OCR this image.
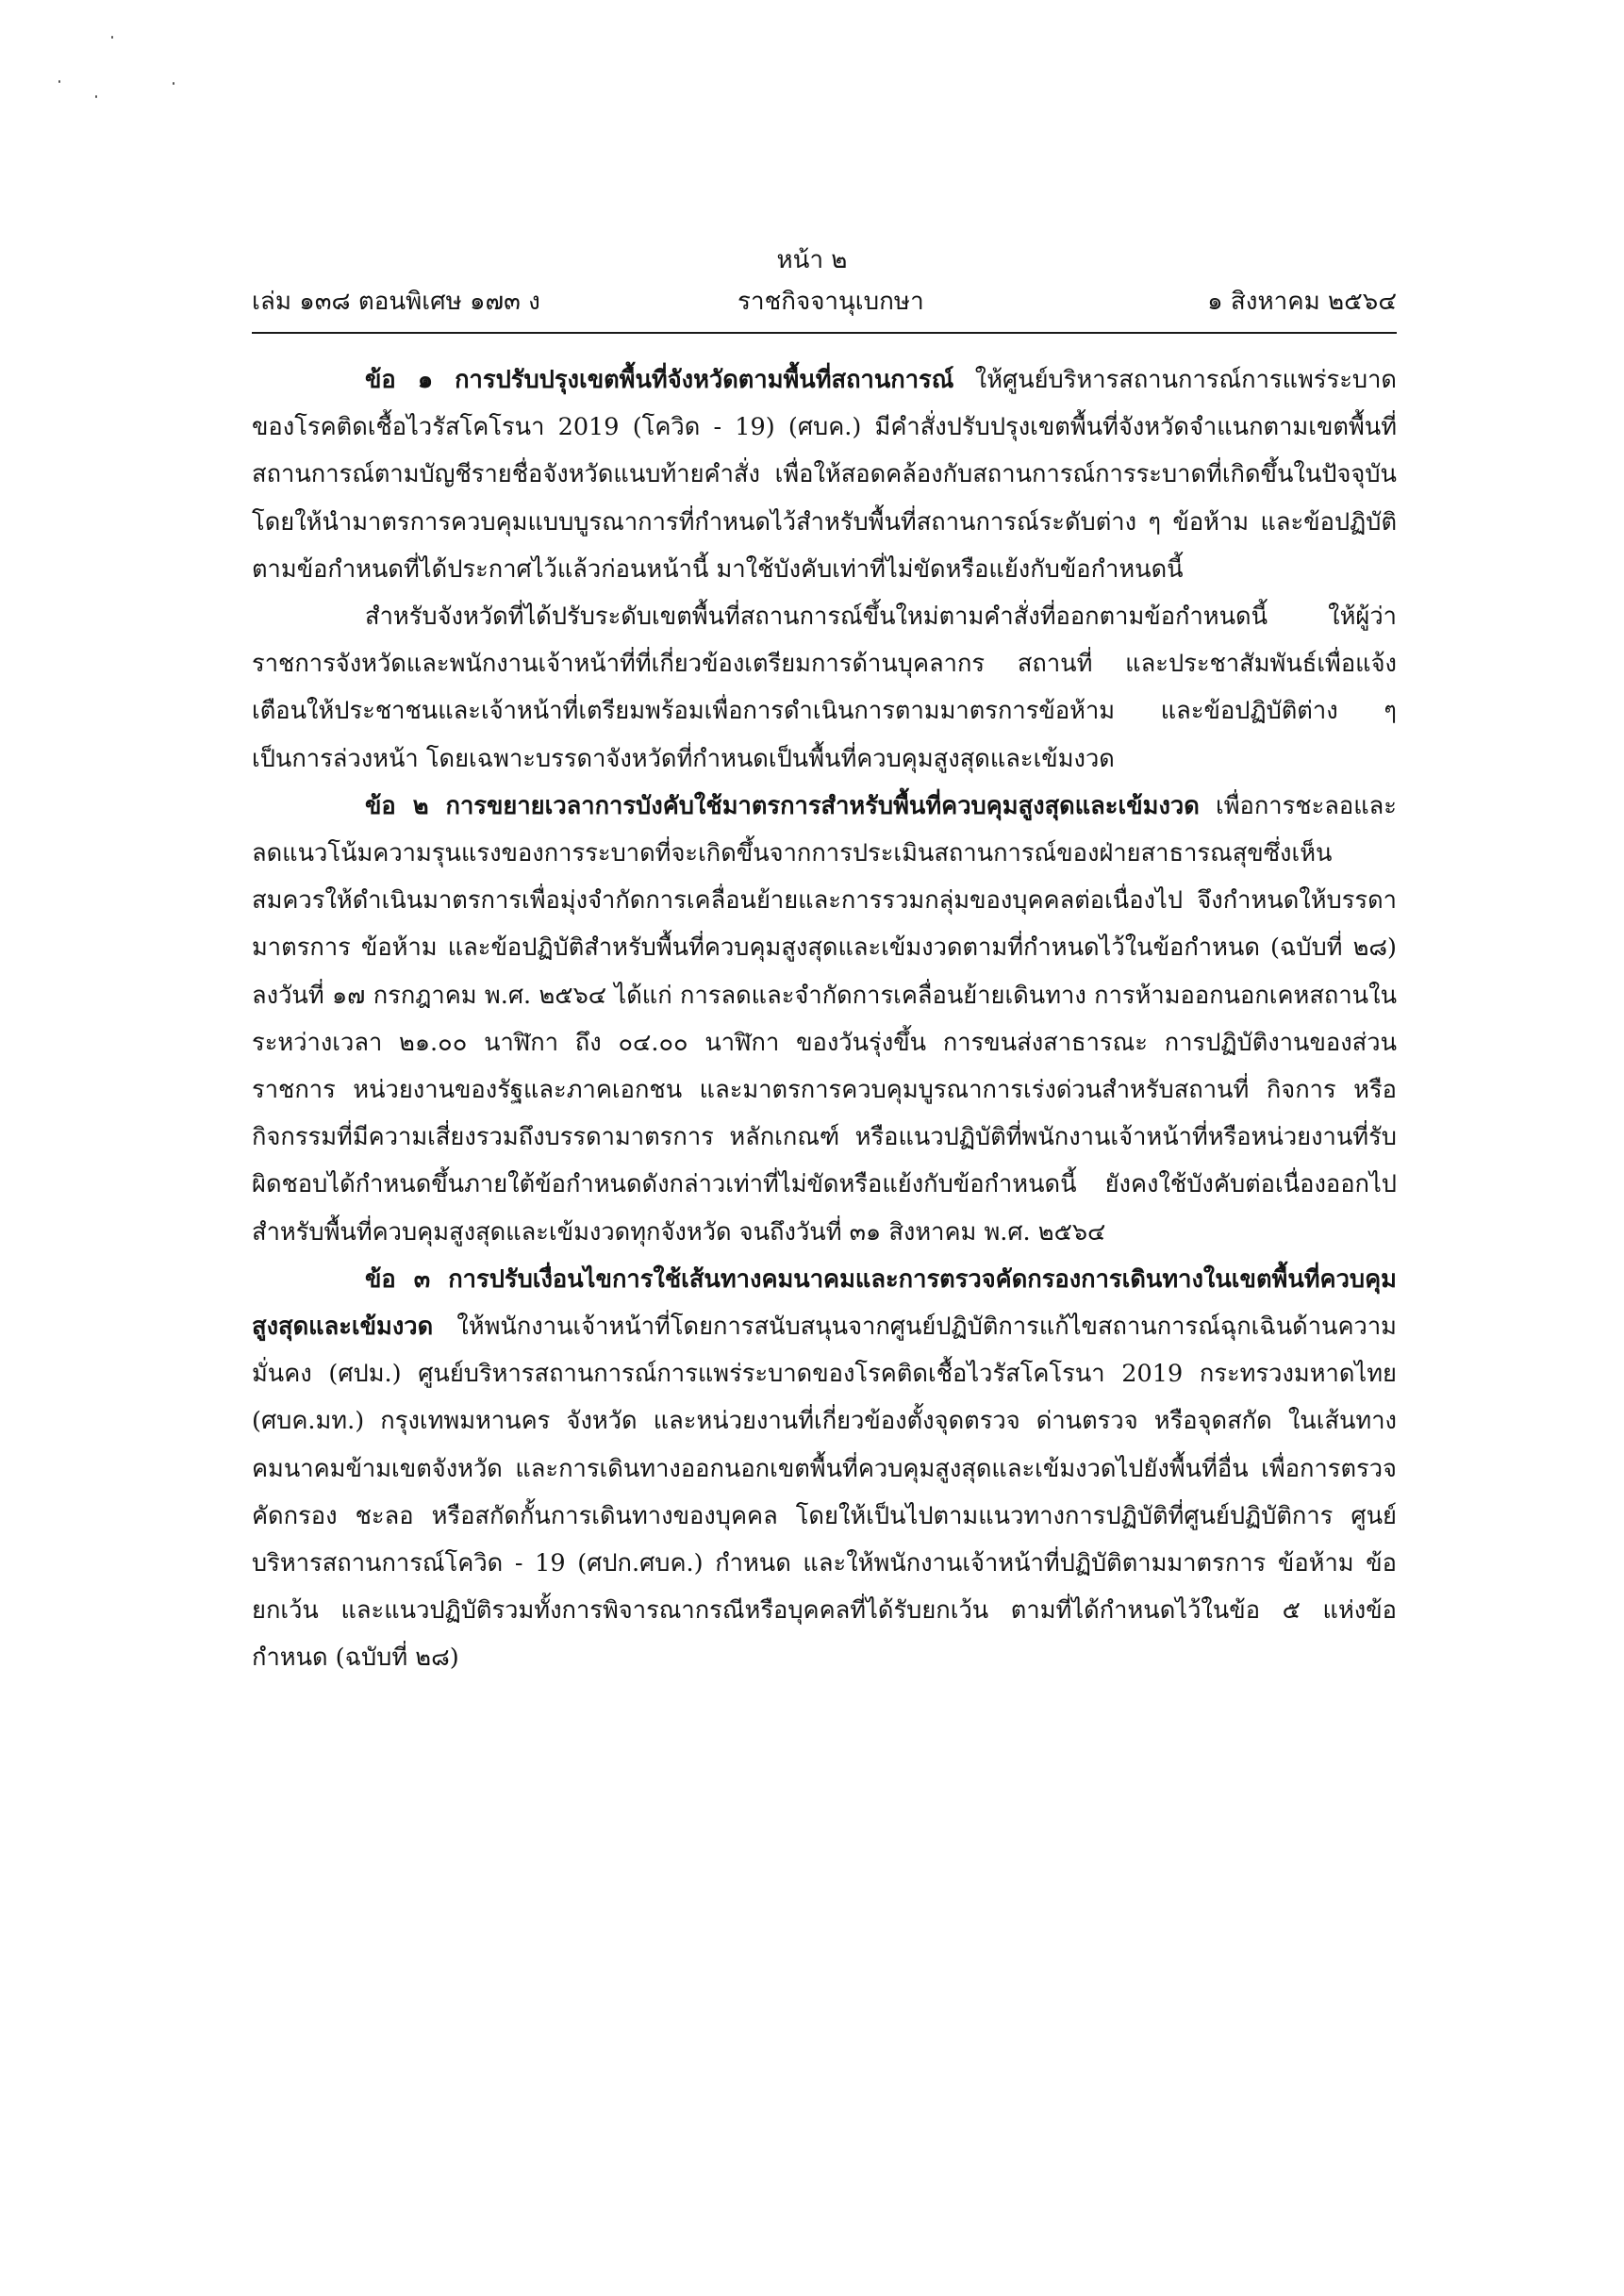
หน้า ๒
เล่ม ๑๓๘ ตอนพิเศษ ๑๗๓ ง	ราชกิจจานุเบกษา	๑ สิงหาคม ๒๕๖๔

ข้อ ๑ การปรับปรุงเขตพื้นที่จังหวัดตามพื้นที่สถานการณ์ ให้ศูนย์บริหารสถานการณ์การแพร่ระบาดของโรคติดเชื้อไวรัสโคโรนา 2019 (โควิด - 19) (ศบค.) มีคำสั่งปรับปรุงเขตพื้นที่จังหวัดจำแนกตามเขตพื้นที่สถานการณ์ตามบัญชีรายชื่อจังหวัดแนบท้ายคำสั่ง เพื่อให้สอดคล้องกับสถานการณ์การระบาดที่เกิดขึ้นในปัจจุบัน โดยให้นำมาตรการควบคุมแบบบูรณาการที่กำหนดไว้สำหรับพื้นที่สถานการณ์ระดับต่าง ๆ ข้อห้าม และข้อปฏิบัติตามข้อกำหนดที่ได้ประกาศไว้แล้วก่อนหน้านี้ มาใช้บังคับเท่าที่ไม่ขัดหรือแย้งกับข้อกำหนดนี้

สำหรับจังหวัดที่ได้ปรับระดับเขตพื้นที่สถานการณ์ขึ้นใหม่ตามคำสั่งที่ออกตามข้อกำหนดนี้ ให้ผู้ว่าราชการจังหวัดและพนักงานเจ้าหน้าที่ที่เกี่ยวข้องเตรียมการด้านบุคลากร สถานที่ และประชาสัมพันธ์เพื่อแจ้งเตือนให้ประชาชนและเจ้าหน้าที่เตรียมพร้อมเพื่อการดำเนินการตามมาตรการข้อห้าม และข้อปฏิบัติต่าง ๆ เป็นการล่วงหน้า โดยเฉพาะบรรดาจังหวัดที่กำหนดเป็นพื้นที่ควบคุมสูงสุดและเข้มงวด

ข้อ ๒ การขยายเวลาการบังคับใช้มาตรการสำหรับพื้นที่ควบคุมสูงสุดและเข้มงวด เพื่อการชะลอและลดแนวโน้มความรุนแรงของการระบาดที่จะเกิดขึ้นจากการประเมินสถานการณ์ของฝ่ายสาธารณสุขซึ่งเห็นสมควรให้ดำเนินมาตรการเพื่อมุ่งจำกัดการเคลื่อนย้ายและการรวมกลุ่มของบุคคลต่อเนื่องไป จึงกำหนดให้บรรดามาตรการ ข้อห้าม และข้อปฏิบัติสำหรับพื้นที่ควบคุมสูงสุดและเข้มงวดตามที่กำหนดไว้ในข้อกำหนด (ฉบับที่ ๒๘) ลงวันที่ ๑๗ กรกฎาคม พ.ศ. ๒๕๖๔ ได้แก่ การลดและจำกัดการเคลื่อนย้ายเดินทาง การห้ามออกนอกเคหสถานในระหว่างเวลา ๒๑.๐๐ นาฬิกา ถึง ๐๔.๐๐ นาฬิกา ของวันรุ่งขึ้น การขนส่งสาธารณะ การปฏิบัติงานของส่วนราชการ หน่วยงานของรัฐและภาคเอกชน และมาตรการควบคุมบูรณาการเร่งด่วนสำหรับสถานที่ กิจการ หรือกิจกรรมที่มีความเสี่ยงรวมถึงบรรดามาตรการ หลักเกณฑ์ หรือแนวปฏิบัติที่พนักงานเจ้าหน้าที่หรือหน่วยงานที่รับผิดชอบได้กำหนดขึ้นภายใต้ข้อกำหนดดังกล่าวเท่าที่ไม่ขัดหรือแย้งกับข้อกำหนดนี้ ยังคงใช้บังคับต่อเนื่องออกไปสำหรับพื้นที่ควบคุมสูงสุดและเข้มงวดทุกจังหวัด จนถึงวันที่ ๓๑ สิงหาคม พ.ศ. ๒๕๖๔

ข้อ ๓ การปรับเงื่อนไขการใช้เส้นทางคมนาคมและการตรวจคัดกรองการเดินทางในเขตพื้นที่ควบคุมสูงสุดและเข้มงวด ให้พนักงานเจ้าหน้าที่โดยการสนับสนุนจากศูนย์ปฏิบัติการแก้ไขสถานการณ์ฉุกเฉินด้านความมั่นคง (ศปม.) ศูนย์บริหารสถานการณ์การแพร่ระบาดของโรคติดเชื้อไวรัสโคโรนา 2019 กระทรวงมหาดไทย (ศบค.มท.) กรุงเทพมหานคร จังหวัด และหน่วยงานที่เกี่ยวข้องตั้งจุดตรวจ ด่านตรวจ หรือจุดสกัด ในเส้นทางคมนาคมข้ามเขตจังหวัด และการเดินทางออกนอกเขตพื้นที่ควบคุมสูงสุดและเข้มงวดไปยังพื้นที่อื่น เพื่อการตรวจคัดกรอง ชะลอ หรือสกัดกั้นการเดินทางของบุคคล โดยให้เป็นไปตามแนวทางการปฏิบัติที่ศูนย์ปฏิบัติการ ศูนย์บริหารสถานการณ์โควิด - 19 (ศปก.ศบค.) กำหนด และให้พนักงานเจ้าหน้าที่ปฏิบัติตามมาตรการ ข้อห้าม ข้อยกเว้น และแนวปฏิบัติรวมทั้งการพิจารณากรณีหรือบุคคลที่ได้รับยกเว้น ตามที่ได้กำหนดไว้ในข้อ ๕ แห่งข้อกำหนด (ฉบับที่ ๒๘)
